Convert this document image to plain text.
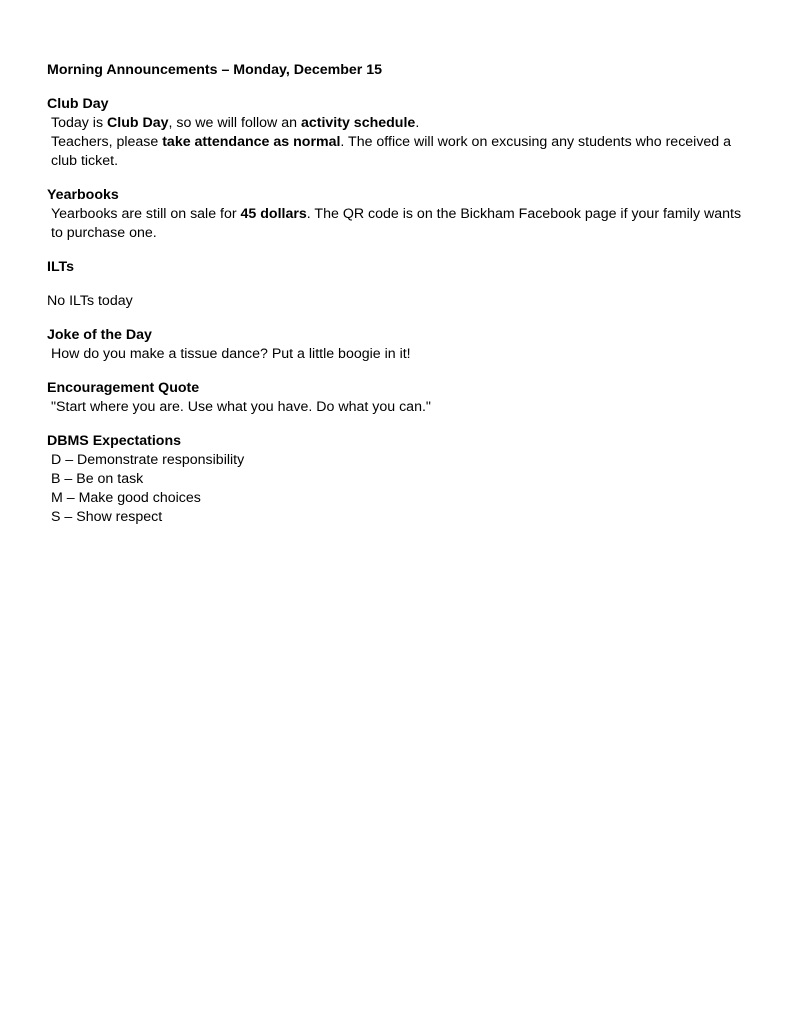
Morning Announcements – Monday, December 15

Club Day

Today is Club Day, so we will follow an activity schedule.

Teachers, please take attendance as normal. The office will work on excusing any students who received a club ticket.

Yearbooks

Yearbooks are still on sale for 45 dollars. The QR code is on the Bickham Facebook page if your family wants to purchase one.

ILTs

No ILTs today

Joke of the Day

How do you make a tissue dance? Put a little boogie in it!

Encouragement Quote

"Start where you are. Use what you have. Do what you can."

DBMS Expectations

D – Demonstrate responsibility

B – Be on task

M – Make good choices

S – Show respect
